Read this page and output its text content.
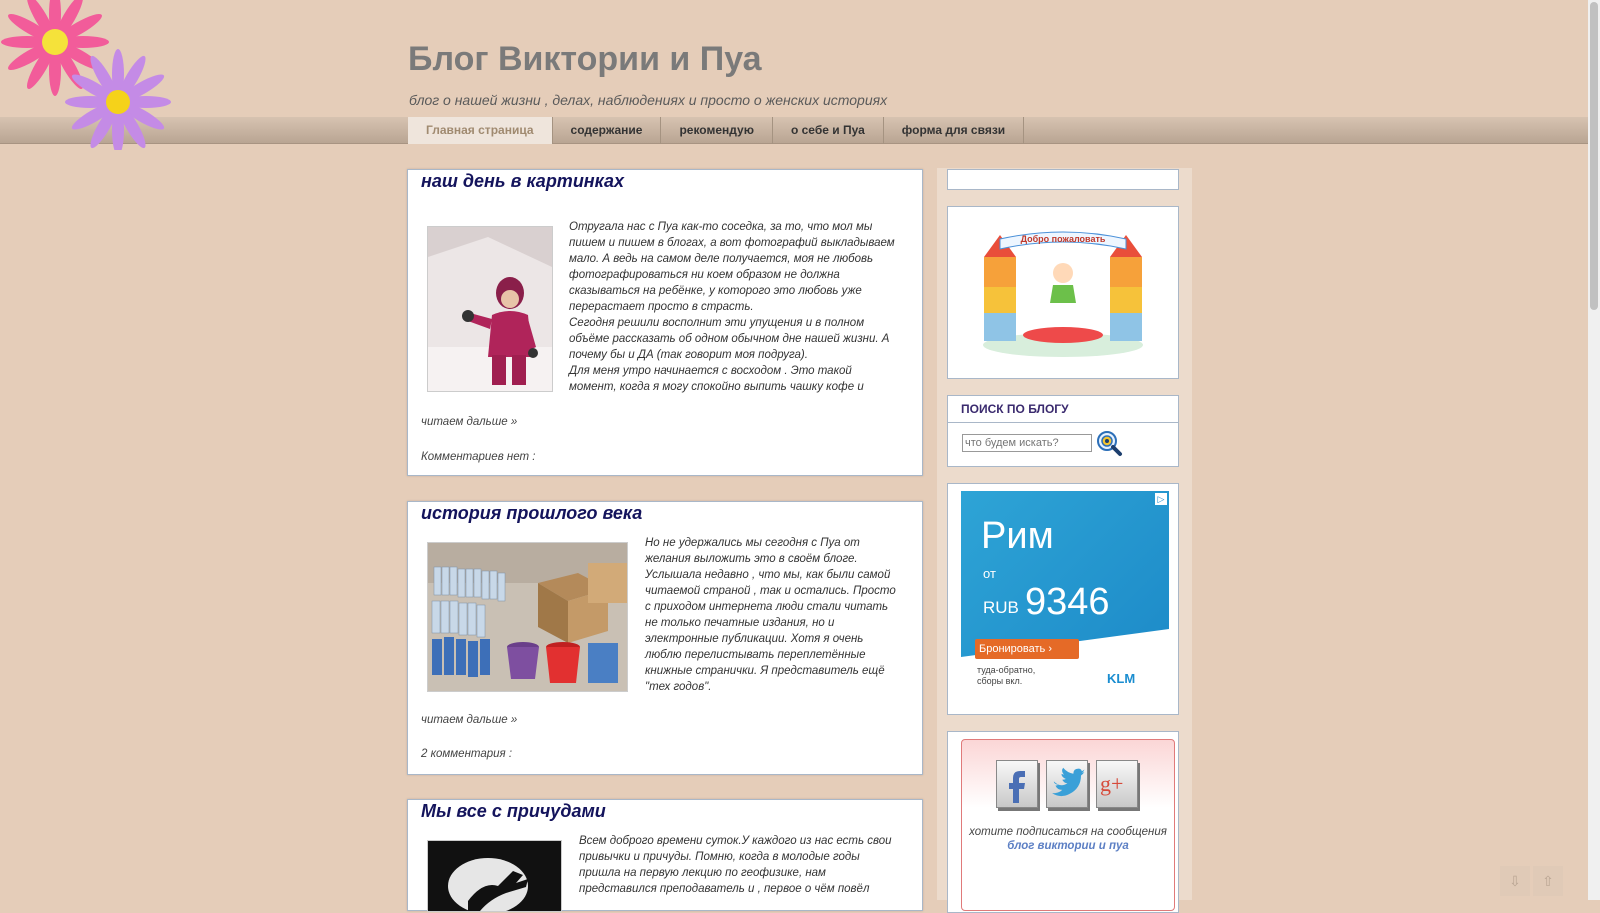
Блог Виктории и Пуа
блог о нашей жизни , делах, наблюдениях и просто о женских историях
Главная страница	содержание	рекомендую	о себе и Пуа	форма для связи
наш день в картинках
Отругала нас с Пуа как-то соседка, за то, что мол мы
пишем и пишем в блогах, а вот фотографий выкладываем
мало. А ведь на самом деле получается, моя не любовь
фотографироваться ни коем образом не должна
сказываться на ребёнке, у которого это любовь уже
перерастает просто в страсть.
Сегодня решили восполнит эти упущения и в полном
объёме рассказать об одном обычном дне нашей жизни. А
почему бы и ДА (так говорит моя подруга).
Для меня утро начинается с восходом . Это такой
момент, когда я могу спокойно выпить чашку кофе и
читаем дальше »
Комментариев нет :
история прошлого века
Но не удержались мы сегодня с Пуа от
желания выложить это в своём блоге.
Услышала недавно , что мы, как были самой
читаемой страной , так и остались. Просто
с приходом интернета люди стали читать
не только печатные издания, но и
электронные публикации. Хотя я очень
люблю перелистывать переплетённые
книжные странички. Я представитель ещё
"тех годов".
читаем дальше »
2 комментария :
Мы все с причудами
Всем доброго времени суток.У каждого из нас есть свои
привычки и причуды. Помню, когда в молодые годы
пришла на первую лекцию по геофизике, нам
представился преподаватель и , первое о чём повёл
Добро пожаловать
ПОИСК ПО БЛОГУ
что будем искать?
▷
Рим
от
RUB 9346
Бронировать ›
туда-обратно, сборы вкл.	KLM
g+
хотите подписаться на сообщения
блог виктории и пуа
⇩	⇧
